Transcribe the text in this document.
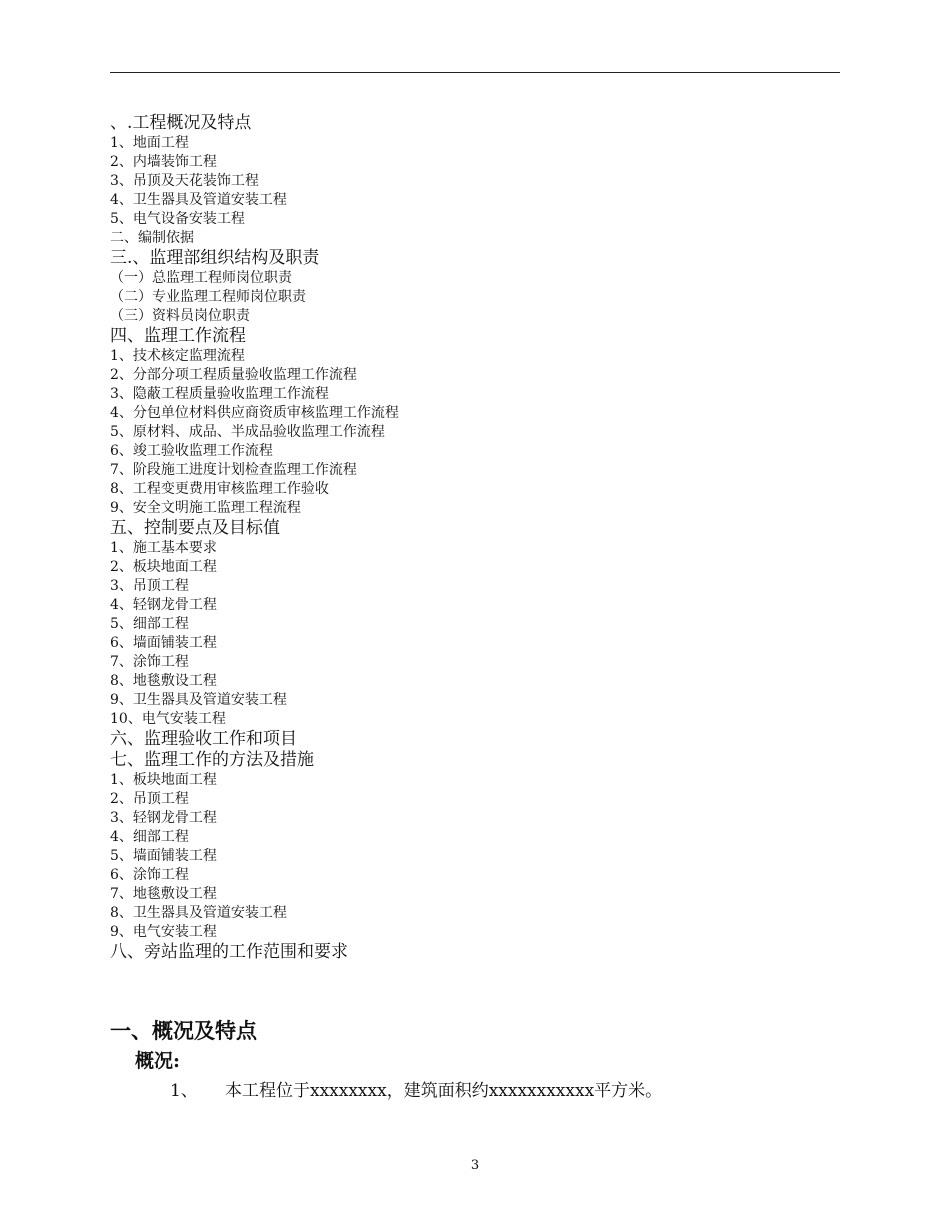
、.工程概况及特点
1、地面工程
2、内墙装饰工程
3、吊顶及天花装饰工程
4、卫生器具及管道安装工程
5、电气设备安装工程
二、编制依据
三.、监理部组织结构及职责
（一）总监理工程师岗位职责
（二）专业监理工程师岗位职责
（三）资料员岗位职责
四、监理工作流程
1、技术核定监理流程
2、分部分项工程质量验收监理工作流程
3、隐蔽工程质量验收监理工作流程
4、分包单位材料供应商资质审核监理工作流程
5、原材料、成品、半成品验收监理工作流程
6、竣工验收监理工作流程
7、阶段施工进度计划检查监理工作流程
8、工程变更费用审核监理工作验收
9、安全文明施工监理工程流程
五、控制要点及目标值
1、施工基本要求
2、板块地面工程
3、吊顶工程
4、轻钢龙骨工程
5、细部工程
6、墙面铺装工程
7、涂饰工程
8、地毯敷设工程
9、卫生器具及管道安装工程
10、电气安装工程
六、监理验收工作和项目
七、监理工作的方法及措施
1、板块地面工程
2、吊顶工程
3、轻钢龙骨工程
4、细部工程
5、墙面铺装工程
6、涂饰工程
7、地毯敷设工程
8、卫生器具及管道安装工程
9、电气安装工程
八、旁站监理的工作范围和要求
一、概况及特点
概况:
1、 本工程位于xxxxxxxx，建筑面积约xxxxxxxxxxx平方米。
3
